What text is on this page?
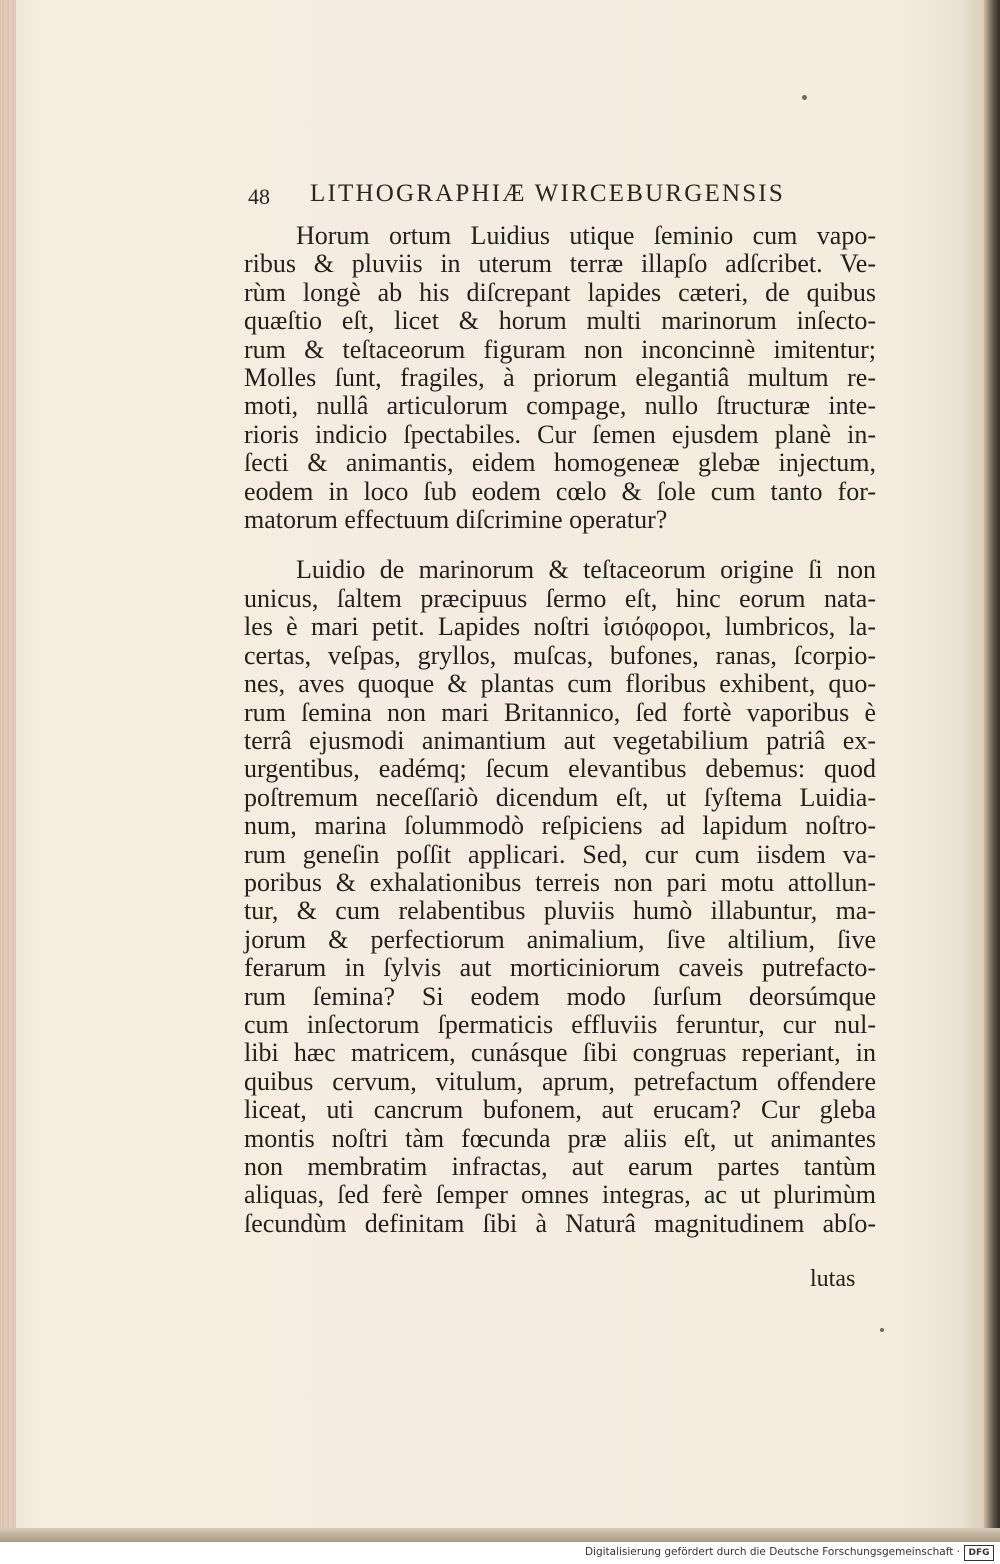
48 LITHOGRAPHIÆ WIRCEBURGENSIS
Horum ortum Luidius utique ſeminio cum vapo-
ribus & pluviis in uterum terræ illapſo adſcribet. Ve-
rùm longè ab his diſcrepant lapides cæteri, de quibus
quæſtio eſt, licet & horum multi marinorum inſecto-
rum & teſtaceorum figuram non inconcinnè imitentur;
Molles ſunt, fragiles, à priorum elegantiâ multum re-
moti, nullâ articulorum compage, nullo ſtructuræ inte-
rioris indicio ſpectabiles. Cur ſemen ejusdem planè in-
ſecti & animantis, eidem homogeneæ glebæ injectum,
eodem in loco ſub eodem cœlo & ſole cum tanto for-
matorum effectuum diſcrimine operatur?
Luidio de marinorum & teſtaceorum origine ſi non
unicus, ſaltem præcipuus ſermo eſt, hinc eorum nata-
les è mari petit. Lapides noſtri ἰσιόφοροι, lumbricos, la-
certas, veſpas, gryllos, muſcas, bufones, ranas, ſcorpio-
nes, aves quoque & plantas cum floribus exhibent, quo-
rum ſemina non mari Britannico, ſed fortè vaporibus è
terrâ ejusmodi animantium aut vegetabilium patriâ ex-
urgentibus, eadémq; ſecum elevantibus debemus: quod
poſtremum neceſſariò dicendum eſt, ut ſyſtema Luidia-
num, marina ſolummodò reſpiciens ad lapidum noſtro-
rum geneſin poſſit applicari. Sed, cur cum iisdem va-
poribus & exhalationibus terreis non pari motu attollun-
tur, & cum relabentibus pluviis humò illabuntur, ma-
jorum & perfectiorum animalium, ſive altilium, ſive
ferarum in ſylvis aut morticiniorum caveis putrefacto-
rum ſemina? Si eodem modo ſurſum deorsúmque
cum inſectorum ſpermaticis effluviis feruntur, cur nul-
libi hæc matricem, cunásque ſibi congruas reperiant, in
quibus cervum, vitulum, aprum, petrefactum offendere
liceat, uti cancrum bufonem, aut erucam? Cur gleba
montis noſtri tàm fœcunda præ aliis eſt, ut animantes
non membratim infractas, aut earum partes tantùm
aliquas, ſed ferè ſemper omnes integras, ac ut plurimùm
ſecundùm definitam ſibi à Naturâ magnitudinem abſo-
lutas
Digitalisierung gefördert durch die Deutsche Forschungsgemeinschaft · DFG
